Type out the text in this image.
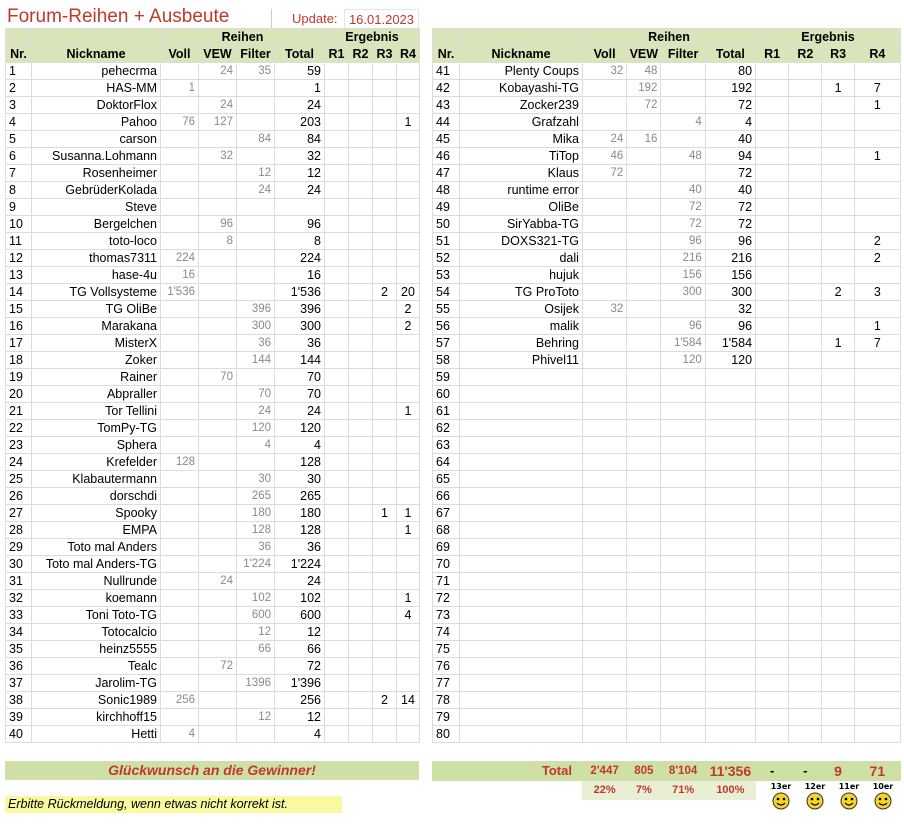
Forum-Reihen + Ausbeute	Update: 16.01.2023
		Reihen				Ergebnis			
Nr.	Nickname	Voll	VEW	Filter	Total	R1	R2	R3	R4
1	pehecrma		24	35	59				
2	HAS-MM	1			1				
3	DoktorFlox		24		24				
4	Pahoo	76	127		203				1
5	carson			84	84				
6	Susanna.Lohmann		32		32				
7	Rosenheimer			12	12				
8	GebrüderKolada			24	24				
9	Steve								
10	Bergelchen		96		96				
11	toto-loco		8		8				
12	thomas7311	224			224				
13	hase-4u	16			16				
14	TG Vollsysteme	1'536			1'536			2	20
15	TG OliBe			396	396				2
16	Marakana			300	300				2
17	MisterX			36	36				
18	Zoker			144	144				
19	Rainer		70		70				
20	Abpraller			70	70				
21	Tor Tellini			24	24				1
22	TomPy-TG			120	120				
23	Sphera			4	4				
24	Krefelder	128			128				
25	Klabautermann			30	30				
26	dorschdi			265	265				
27	Spooky			180	180			1	1
28	EMPA			128	128				1
29	Toto mal Anders			36	36				
30	Toto mal Anders-TG			1'224	1'224				
31	Nullrunde		24		24				
32	koemann			102	102				1
33	Toni Toto-TG			600	600				4
34	Totocalcio			12	12				
35	heinz5555			66	66				
36	Tealc		72		72				
37	Jarolim-TG			1396	1'396				
38	Sonic1989	256			256			2	14
39	kirchhoff15			12	12				
40	Hetti	4			4				
		Reihen				Ergebnis			
Nr.	Nickname	Voll	VEW	Filter	Total	R1	R2	R3	R4
41	Plenty Coups	32	48		80				
42	Kobayashi-TG		192		192			1	7
43	Zocker239		72		72				1
44	Grafzahl			4	4				
45	Mika	24	16		40				
46	TiTop	46		48	94				1
47	Klaus	72			72				
48	runtime error			40	40				
49	OliBe			72	72				
50	SirYabba-TG			72	72				
51	DOXS321-TG			96	96				2
52	dali			216	216				2
53	hujuk			156	156				
54	TG ProToto			300	300			2	3
55	Osijek	32			32				
56	malik			96	96				1
57	Behring			1'584	1'584			1	7
58	Phivel11			120	120				
59									
60									
61									
62									
63									
64									
65									
66									
67									
68									
69									
70									
71									
72									
73									
74									
75									
76									
77									
78									
79									
80									
Glückwunsch an die Gewinner!	Total	2'447	805	8'104	11'356	-	-	9	71
	22%	7%	71%	100%				
Erbitte Rückmeldung, wenn etwas nicht korrekt ist.
13er 12er 11er 10er
